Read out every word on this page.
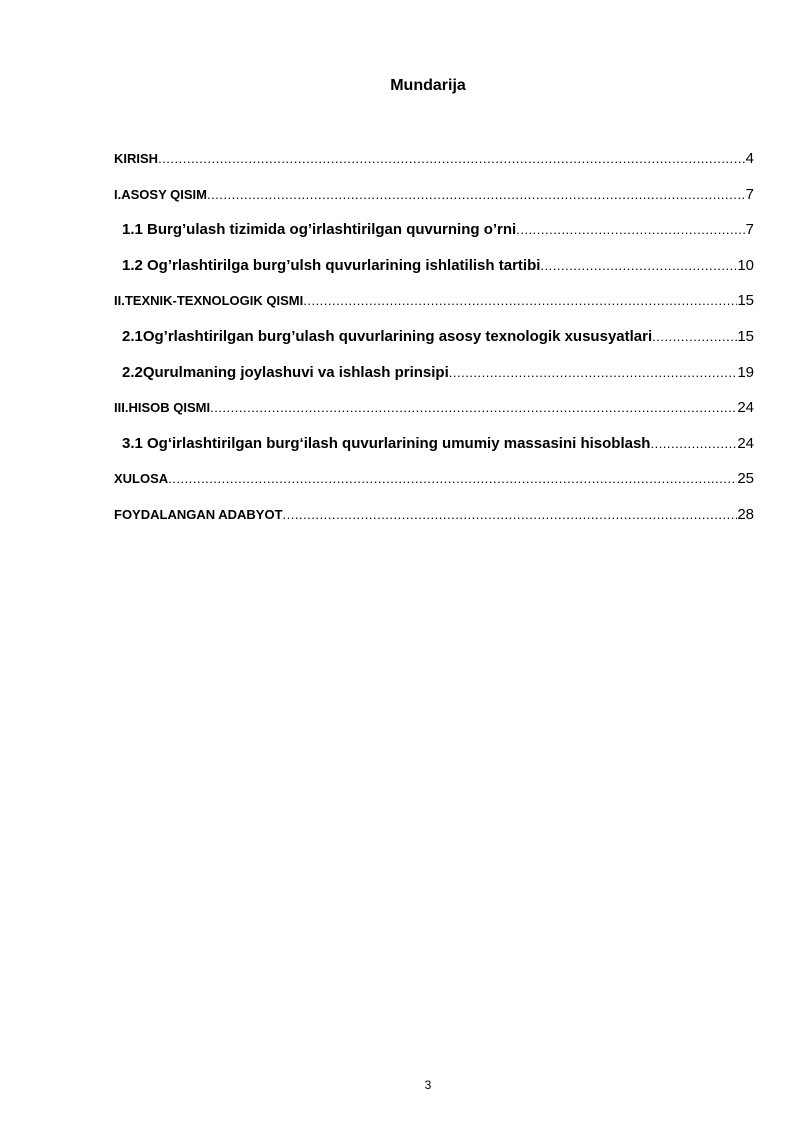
Mundarija
KIRISH .....	4
I.ASOSY QISIM .....	7
1.1 Burg’ulash tizimida og’irlashtirilgan quvurning o’rni .....	7
1.2 Og’rlashtirilga burg’ulsh quvurlarining ishlatilish tartibi .....	10
II.TEXNIK-TEXNOLOGIK QISMI .....	15
2.1Og’rlashtirilgan burg’ulash quvurlarining asosy texnologik xususyatlari .....	15
2.2Qurulmaning joylashuvi va ishlash prinsipi .....	19
III.HISOB QISMI .....	24
3.1 Og‘irlashtirilgan burg‘ilash quvurlarining umumiy massasini hisoblash .....	24
XULOSA .....	25
FOYDALANGAN ADABYOT .....	28
3
